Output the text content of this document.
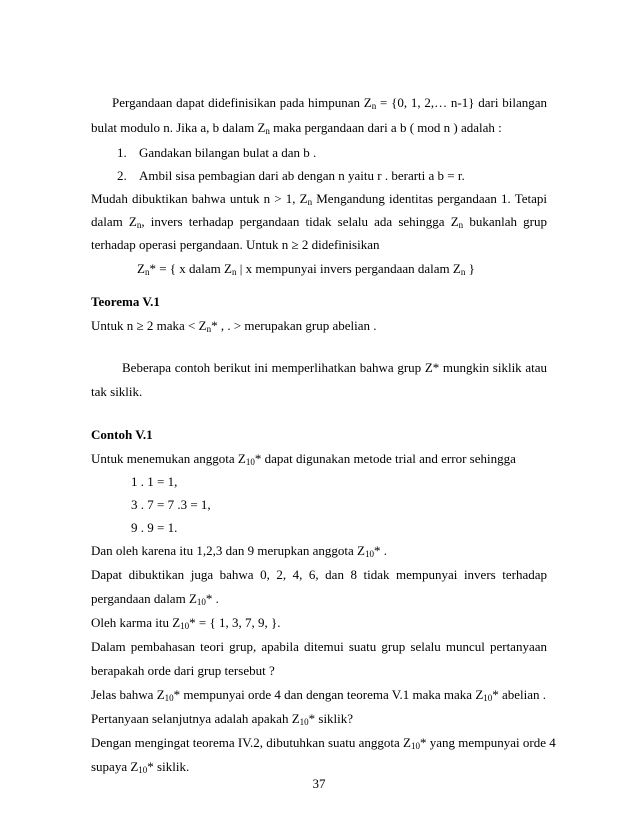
Pergandaan dapat didefinisikan pada himpunan $Z_n = \{0$, 1, 2,… n-1} dari bilangan
bulat modulo n. Jika a, b dalam $Z_n$ maka pergandaan dari a b ( mod n ) adalah :
1. Gandakan bilangan bulat a dan b .
2. Ambil sisa pembagian dari ab dengan n yaitu r . berarti a b = r.
Mudah dibuktikan bahwa untuk n > 1, $Z_n$ Mengandung identitas pergandaan 1. Tetapi
dalam $Z_n$, invers terhadap pergandaan tidak selalu ada sehingga $Z_n$ bukanlah grup
terhadap operasi pergandaan. Untuk n ≥ 2 didefinisikan
$Z_n*$ = { x dalam $Z_n$ | x mempunyai invers pergandaan dalam $Z_n$ }
Teorema V.1
Untuk n ≥ 2 maka < $Z_n*$ , . > merupakan grup abelian .
Beberapa contoh berikut ini memperlihatkan bahwa grup Z* mungkin siklik atau
tak siklik.
Contoh V.1
Untuk menemukan anggota $Z_{10}*$ dapat digunakan metode trial and error sehingga
1 . 1 = 1,
3 . 7 = 7 .3 = 1,
9 . 9 = 1.
Dan oleh karena itu 1,2,3 dan 9 merupkan anggota $Z_{10}*$ .
Dapat dibuktikan juga bahwa 0, 2, 4, 6, dan 8 tidak mempunyai invers terhadap
pergandaan dalam $Z_{10}*$ .
Oleh karma itu $Z_{10}*$ = { 1, 3, 7, 9, }.
Dalam pembahasan teori grup, apabila ditemui suatu grup selalu muncul pertanyaan
berapakah orde dari grup tersebut ?
Jelas bahwa $Z_{10}*$ mempunyai orde 4 dan dengan teorema V.1 maka maka $Z_{10}*$ abelian .
Pertanyaan selanjutnya adalah apakah $Z_{10}*$ siklik?
Dengan mengingat teorema IV.2, dibutuhkan suatu anggota $Z_{10}*$ yang mempunyai orde 4
supaya $Z_{10}*$ siklik.
37
